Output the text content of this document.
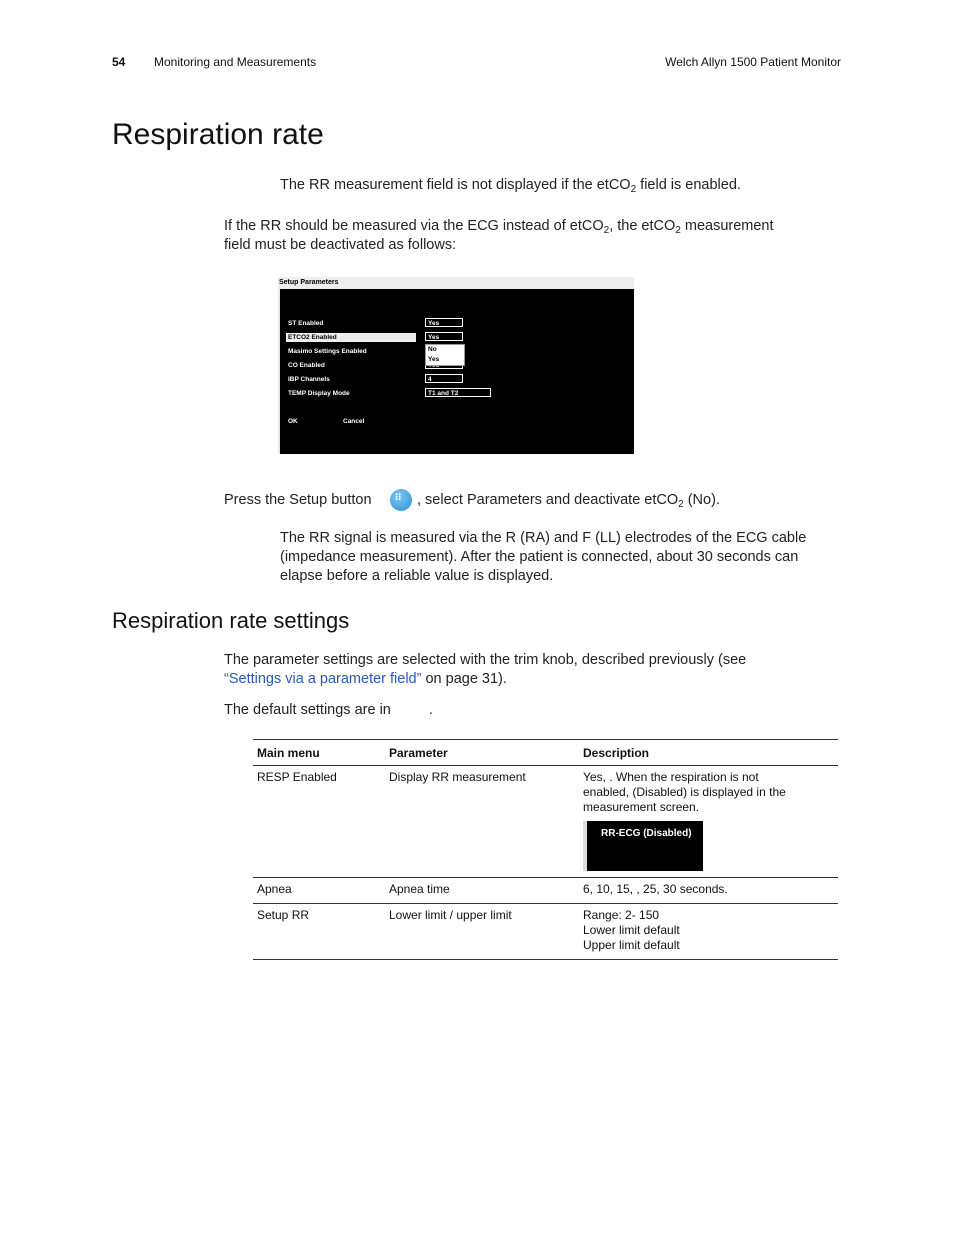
54 Monitoring and Measurements	Welch Allyn 1500 Patient Monitor
Respiration rate
The RR measurement field is not displayed if the etCO$_2$ field is enabled.
If the RR should be measured via the ECG instead of etCO$_2$, the etCO$_2$ measurement
field must be deactivated as follows:
Setup Parameters
ST Enabled	Yes
ETCO2 Enabled	Yes
Masimo Settings Enabled
CO Enabled
No
Yes
IBP Channels	4
TEMP Display Mode	T1 and T2
OK	Cancel
Press the Setup button ⁝⁝	, select Parameters and deactivate etCO$_2$ (No).
The RR signal is measured via the R (RA) and F (LL) electrodes of the ECG cable
(impedance measurement). After the patient is connected, about 30 seconds can
elapse before a reliable value is displayed.
Respiration rate settings
The parameter settings are selected with the trim knob, described previously (see
“Settings via a parameter field” on page 31).
The default settings are in	.
Main menu	Parameter	Description
RESP Enabled	Display RR measurement	Yes, . When the respiration is not
enabled, (Disabled) is displayed in the
measurement screen.
RR-ECG (Disabled)

Apnea	Apnea time	6, 10, 15, , 25, 30 seconds.
Setup RR	Lower limit / upper limit	Range: 2- 150
Lower limit default
Upper limit default
